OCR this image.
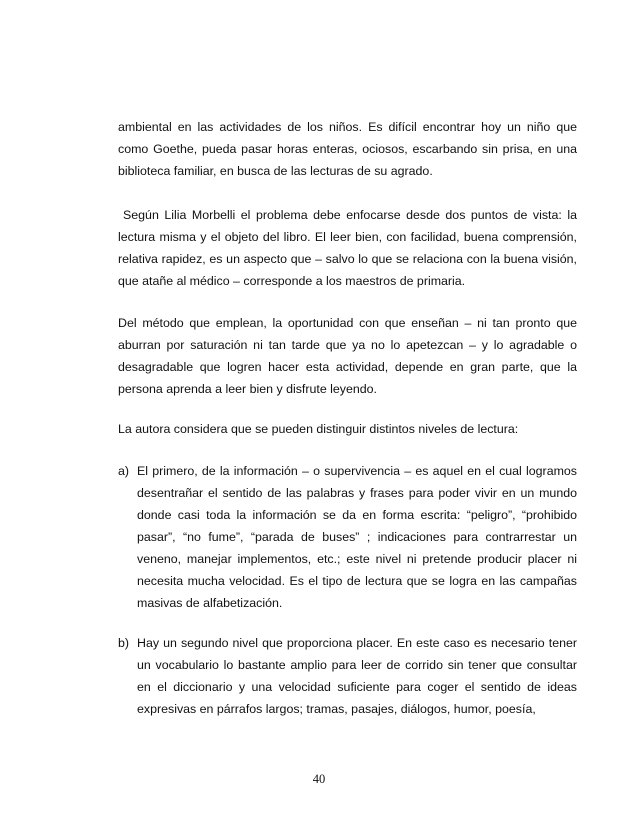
ambiental en las actividades de los niños. Es difícil encontrar hoy un niño que como Goethe, pueda pasar horas enteras, ociosos, escarbando sin prisa, en una biblioteca familiar, en busca de las lecturas de su agrado.

Según Lilia Morbelli el problema debe enfocarse desde dos puntos de vista: la lectura misma y el objeto del libro. El leer bien, con facilidad, buena comprensión, relativa rapidez, es un aspecto que – salvo lo que se relaciona con la buena visión, que atañe al médico – corresponde a los maestros de primaria.

Del método que emplean, la oportunidad con que enseñan – ni tan pronto que aburran por saturación ni tan tarde que ya no lo apetezcan – y lo agradable o desagradable que logren hacer esta actividad, depende en gran parte, que la persona aprenda a leer bien y disfrute leyendo.

La autora considera que se pueden distinguir distintos niveles de lectura:

a) El primero, de la información – o supervivencia – es aquel en el cual logramos desentrañar el sentido de las palabras y frases para poder vivir en un mundo donde casi toda la información se da en forma escrita: “peligro”, “prohibido pasar”, “no fume”, “parada de buses” ; indicaciones para contrarrestar un veneno, manejar implementos, etc.; este nivel ni pretende producir placer ni necesita mucha velocidad. Es el tipo de lectura que se logra en las campañas masivas de alfabetización.
b) Hay un segundo nivel que proporciona placer. En este caso es necesario tener un vocabulario lo bastante amplio para leer de corrido sin tener que consultar en el diccionario y una velocidad suficiente para coger el sentido de ideas expresivas en párrafos largos; tramas, pasajes, diálogos, humor, poesía,
40
